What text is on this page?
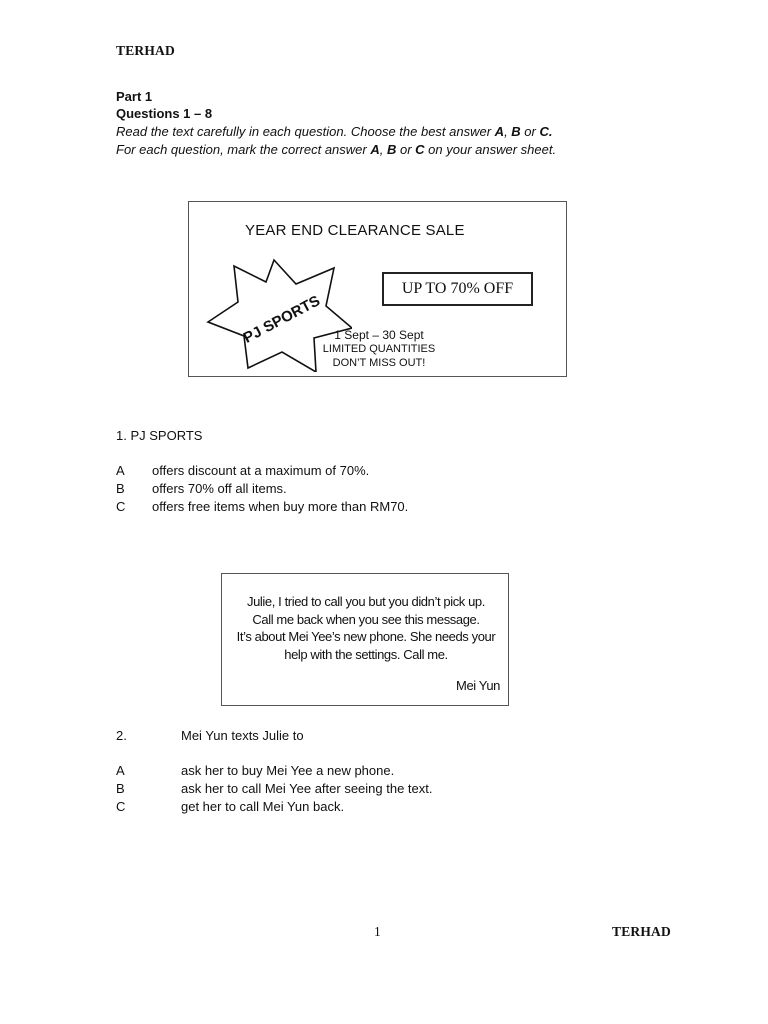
TERHAD
Part 1
Questions 1 – 8
Read the text carefully in each question. Choose the best answer A, B or C.
For each question, mark the correct answer A, B or C on your answer sheet.
YEAR END CLEARANCE SALE
PJ SPORTS
UP TO 70% OFF
1 Sept – 30 Sept
LIMITED QUANTITIES
DON’T MISS OUT!
1. PJ SPORTS
A offers discount at a maximum of 70%.
B offers 70% off all items.
C offers free items when buy more than RM70.
Julie, I tried to call you but you didn’t pick up.
Call me back when you see this message.
It’s about Mei Yee’s new phone. She needs your
help with the settings. Call me.
Mei Yun
2.	Mei Yun texts Julie to
A	ask her to buy Mei Yee a new phone.
B	ask her to call Mei Yee after seeing the text.
C	get her to call Mei Yun back.
1	TERHAD
